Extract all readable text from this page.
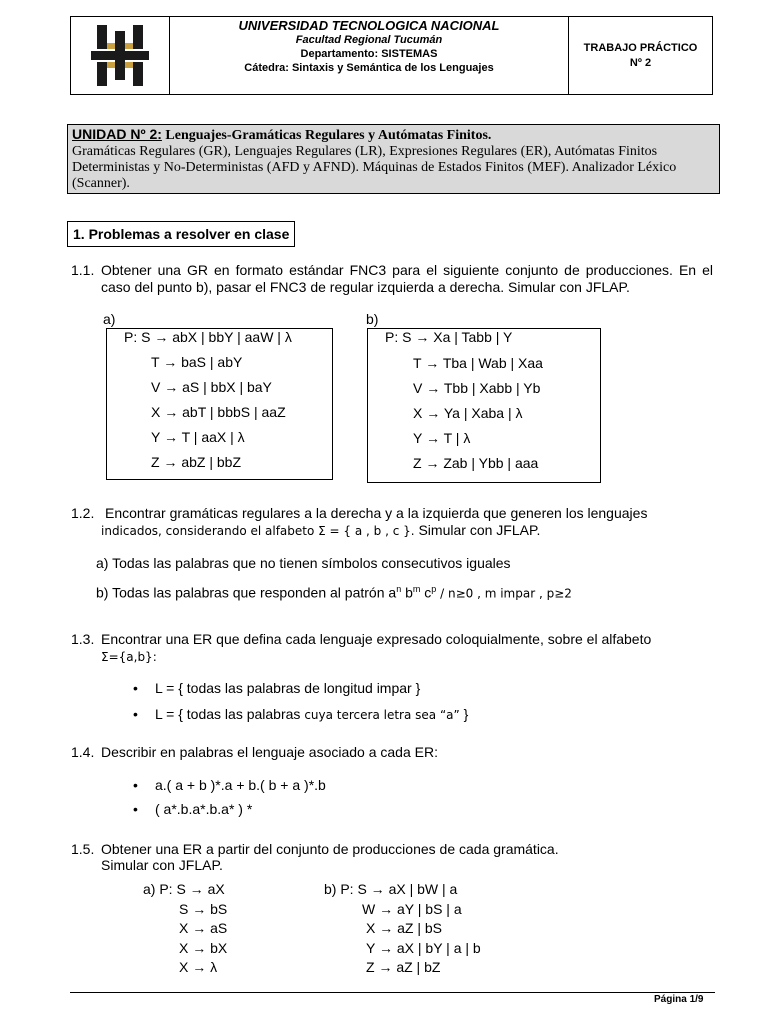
UNIVERSIDAD TECNOLOGICA NACIONAL
Facultad Regional Tucumán
Departamento: SISTEMAS
Cátedra: Sintaxis y Semántica de los Lenguajes
TRABAJO PRÁCTICO
Nº 2
UNIDAD Nº 2: Lenguajes-Gramáticas Regulares y Autómatas Finitos.
Gramáticas Regulares (GR), Lenguajes Regulares (LR), Expresiones Regulares (ER), Autómatas Finitos Deterministas y No-Deterministas (AFD y AFND). Máquinas de Estados Finitos (MEF). Analizador Léxico (Scanner).
1. Problemas a resolver en clase
1.1. Obtener una GR en formato estándar FNC3 para el siguiente conjunto de producciones. En el caso del punto b), pasar el FNC3 de regular izquierda a derecha. Simular con JFLAP.
a)	b)
P: S → abX | bbY | aaW | λ
T → baS | abY
V → aS | bbX | baY
X → abT | bbbS | aaZ
Y → T | aaX | λ
Z → abZ | bbZ
P: S → Xa | Tabb | Y
T → Tba | Wab | Xaa
V → Tbb | Xabb | Yb
X → Ya | Xaba | λ
Y → T | λ
Z → Zab | Ybb | aaa
1.2. Encontrar gramáticas regulares a la derecha y a la izquierda que generen los lenguajes
indicados, considerando el alfabeto Σ = { a , b , c }. Simular con JFLAP.
a) Todas las palabras que no tienen símbolos consecutivos iguales
b) Todas las palabras que responden al patrón $a^n$ $b^m$ $c^p / n\ge 0$ , m impar , p≥2
1.3. Encontrar una ER que defina cada lenguaje expresado coloquialmente, sobre el alfabeto
Σ={a,b}:
• L = { todas las palabras de longitud impar }
• L = { todas las palabras cuya tercera letra sea “a” }
1.4. Describir en palabras el lenguaje asociado a cada ER:
• a.( a + b )*.a + b.( b + a )*.b
• ( a*.b.a*.b.a* ) *
1.5. Obtener una ER a partir del conjunto de producciones de cada gramática.
Simular con JFLAP.
a) P: S → aX
S → bS
X → aS
X → bX
X → λ
b) P: S → aX | bW | a
W → aY | bS | a
X → aZ | bS
Y → aX | bY | a | b
Z → aZ | bZ
Página 1/9
